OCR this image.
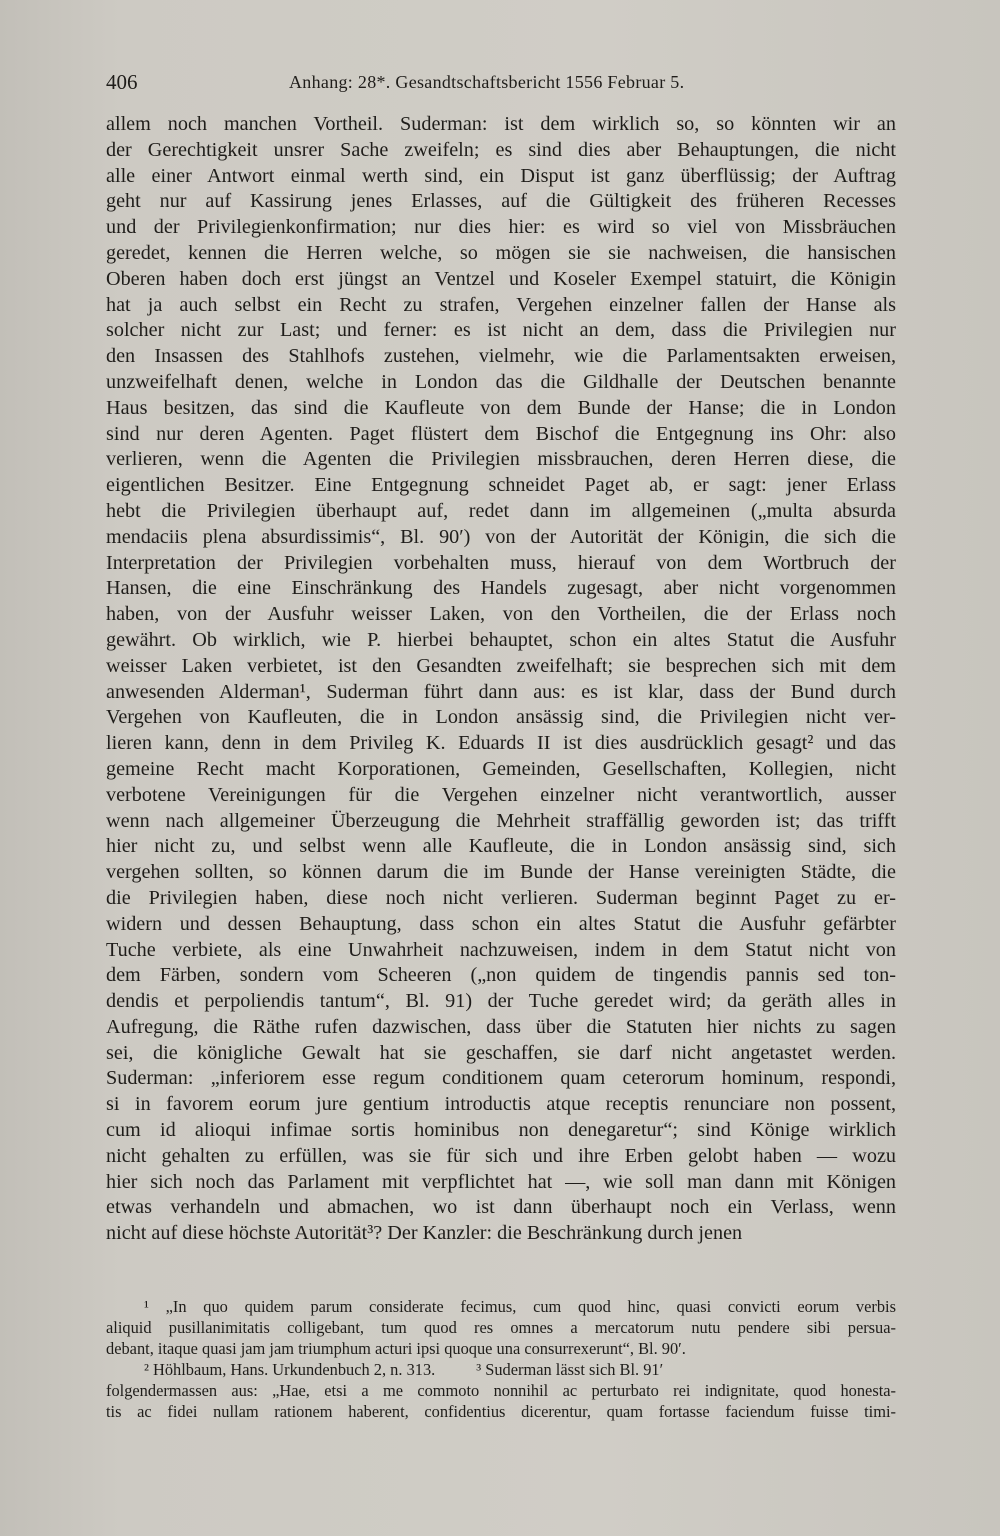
406	Anhang: 28*. Gesandtschaftsbericht 1556 Februar 5.
allem noch manchen Vortheil. Suderman: ist dem wirklich so, so könnten wir an
der Gerechtigkeit unsrer Sache zweifeln; es sind dies aber Behauptungen, die nicht
alle einer Antwort einmal werth sind, ein Disput ist ganz überflüssig; der Auftrag
geht nur auf Kassirung jenes Erlasses, auf die Gültigkeit des früheren Recesses
und der Privilegienkonfirmation; nur dies hier: es wird so viel von Missbräuchen
geredet, kennen die Herren welche, so mögen sie sie nachweisen, die hansischen
Oberen haben doch erst jüngst an Ventzel und Koseler Exempel statuirt, die Königin
hat ja auch selbst ein Recht zu strafen, Vergehen einzelner fallen der Hanse als
solcher nicht zur Last; und ferner: es ist nicht an dem, dass die Privilegien nur
den Insassen des Stahlhofs zustehen, vielmehr, wie die Parlamentsakten erweisen,
unzweifelhaft denen, welche in London das die Gildhalle der Deutschen benannte
Haus besitzen, das sind die Kaufleute von dem Bunde der Hanse; die in London
sind nur deren Agenten. Paget flüstert dem Bischof die Entgegnung ins Ohr: also
verlieren, wenn die Agenten die Privilegien missbrauchen, deren Herren diese, die
eigentlichen Besitzer. Eine Entgegnung schneidet Paget ab, er sagt: jener Erlass
hebt die Privilegien überhaupt auf, redet dann im allgemeinen („multa absurda
mendaciis plena absurdissimis“, Bl. 90′) von der Autorität der Königin, die sich die
Interpretation der Privilegien vorbehalten muss, hierauf von dem Wortbruch der
Hansen, die eine Einschränkung des Handels zugesagt, aber nicht vorgenommen
haben, von der Ausfuhr weisser Laken, von den Vortheilen, die der Erlass noch
gewährt. Ob wirklich, wie P. hierbei behauptet, schon ein altes Statut die Ausfuhr
weisser Laken verbietet, ist den Gesandten zweifelhaft; sie besprechen sich mit dem
anwesenden Alderman¹, Suderman führt dann aus: es ist klar, dass der Bund durch
Vergehen von Kaufleuten, die in London ansässig sind, die Privilegien nicht ver-
lieren kann, denn in dem Privileg K. Eduards II ist dies ausdrücklich gesagt² und das
gemeine Recht macht Korporationen, Gemeinden, Gesellschaften, Kollegien, nicht
verbotene Vereinigungen für die Vergehen einzelner nicht verantwortlich, ausser
wenn nach allgemeiner Überzeugung die Mehrheit straffällig geworden ist; das trifft
hier nicht zu, und selbst wenn alle Kaufleute, die in London ansässig sind, sich
vergehen sollten, so können darum die im Bunde der Hanse vereinigten Städte, die
die Privilegien haben, diese noch nicht verlieren. Suderman beginnt Paget zu er-
widern und dessen Behauptung, dass schon ein altes Statut die Ausfuhr gefärbter
Tuche verbiete, als eine Unwahrheit nachzuweisen, indem in dem Statut nicht von
dem Färben, sondern vom Scheeren („non quidem de tingendis pannis sed ton-
dendis et perpoliendis tantum“, Bl. 91) der Tuche geredet wird; da geräth alles in
Aufregung, die Räthe rufen dazwischen, dass über die Statuten hier nichts zu sagen
sei, die königliche Gewalt hat sie geschaffen, sie darf nicht angetastet werden.
Suderman: „inferiorem esse regum conditionem quam ceterorum hominum, respondi,
si in favorem eorum jure gentium introductis atque receptis renunciare non possent,
cum id alioqui infimae sortis hominibus non denegaretur“; sind Könige wirklich
nicht gehalten zu erfüllen, was sie für sich und ihre Erben gelobt haben — wozu
hier sich noch das Parlament mit verpflichtet hat —, wie soll man dann mit Königen
etwas verhandeln und abmachen, wo ist dann überhaupt noch ein Verlass, wenn
nicht auf diese höchste Autorität³? Der Kanzler: die Beschränkung durch jenen
¹ „In quo quidem parum considerate fecimus, cum quod hinc, quasi convicti eorum verbis
aliquid pusillanimitatis colligebant, tum quod res omnes a mercatorum nutu pendere sibi persua-
debant, itaque quasi jam jam triumphum acturi ipsi quoque una consurrexerunt“, Bl. 90′.
² Höhlbaum, Hans. Urkundenbuch 2, n. 313.          ³ Suderman lässt sich Bl. 91′
folgendermassen aus: „Hae, etsi a me commoto nonnihil ac perturbato rei indignitate, quod honesta-
tis ac fidei nullam rationem haberent, confidentius dicerentur, quam fortasse faciendum fuisse timi-
